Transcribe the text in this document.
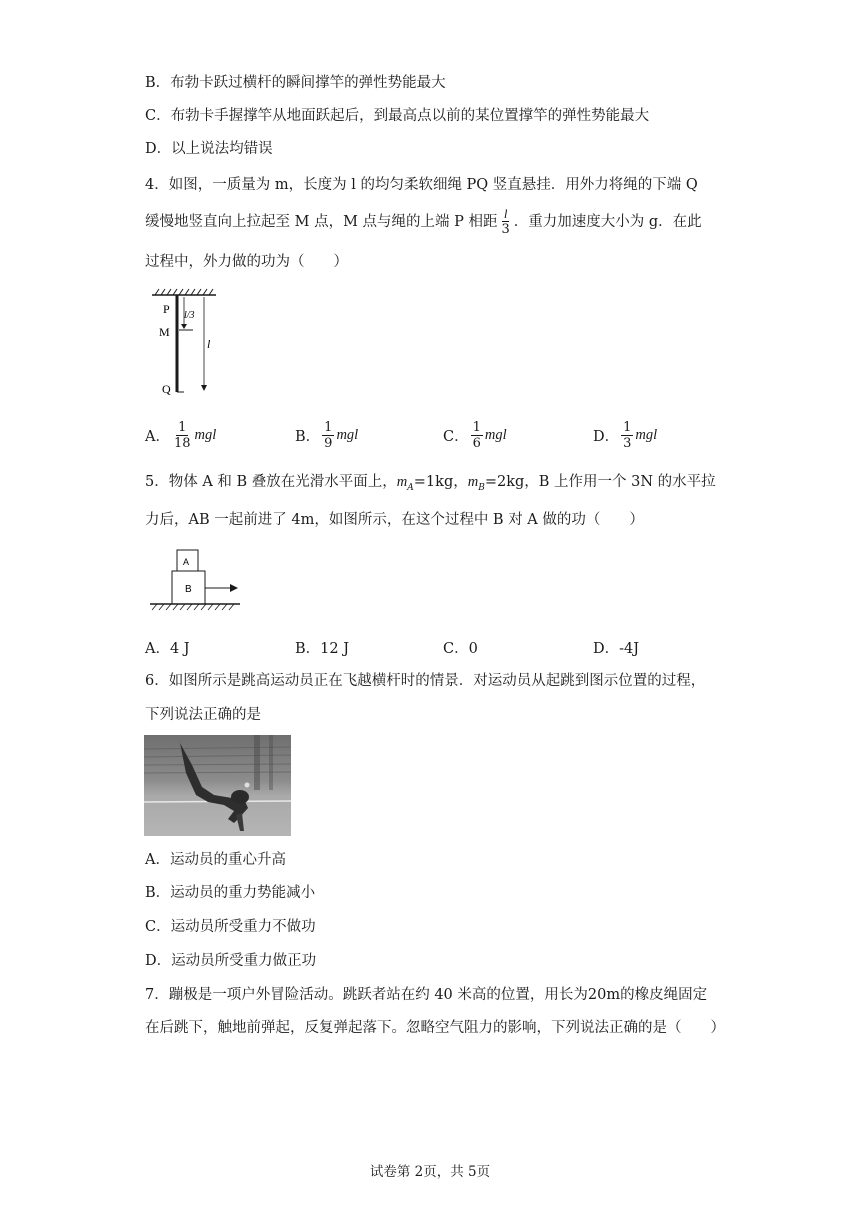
B．布勃卡跃过横杆的瞬间撑竿的弹性势能最大
C．布勃卡手握撑竿从地面跃起后，到最高点以前的某位置撑竿的弹性势能最大
D．以上说法均错误
4．如图，一质量为 m，长度为 l 的均匀柔软细绳 PQ 竖直悬挂．用外力将绳的下端 Q
缓慢地竖直向上拉起至 M 点，M 点与绳的上端 P 相距 $\frac{l}{3}$ ．重力加速度大小为 g．在此
过程中，外力做的功为（　　）
P
M
Q
l/3
l
A． $\frac{1}{18}$ mgl	B． $\frac{1}{9}$ mgl	C． $\frac{1}{6}$ mgl	D． $\frac{1}{3}$ mgl
5．物体 A 和 B 叠放在光滑水平面上，$m_A=1kg$，$m_B=2kg$，B 上作用一个 3N 的水平拉
力后，AB 一起前进了 4m，如图所示，在这个过程中 B 对 A 做的功（　　）
A
B
A．4 J	B．12 J	C．0	D．-4J
6．如图所示是跳高运动员正在飞越横杆时的情景．对运动员从起跳到图示位置的过程，
下列说法正确的是
A．运动员的重心升高
B．运动员的重力势能减小
C．运动员所受重力不做功
D．运动员所受重力做正功
7．蹦极是一项户外冒险活动。跳跃者站在约 40 米高的位置，用长为20m的橡皮绳固定
在后跳下，触地前弹起，反复弹起落下。忽略空气阻力的影响，下列说法正确的是（　　）
试卷第 2页，共 5页
